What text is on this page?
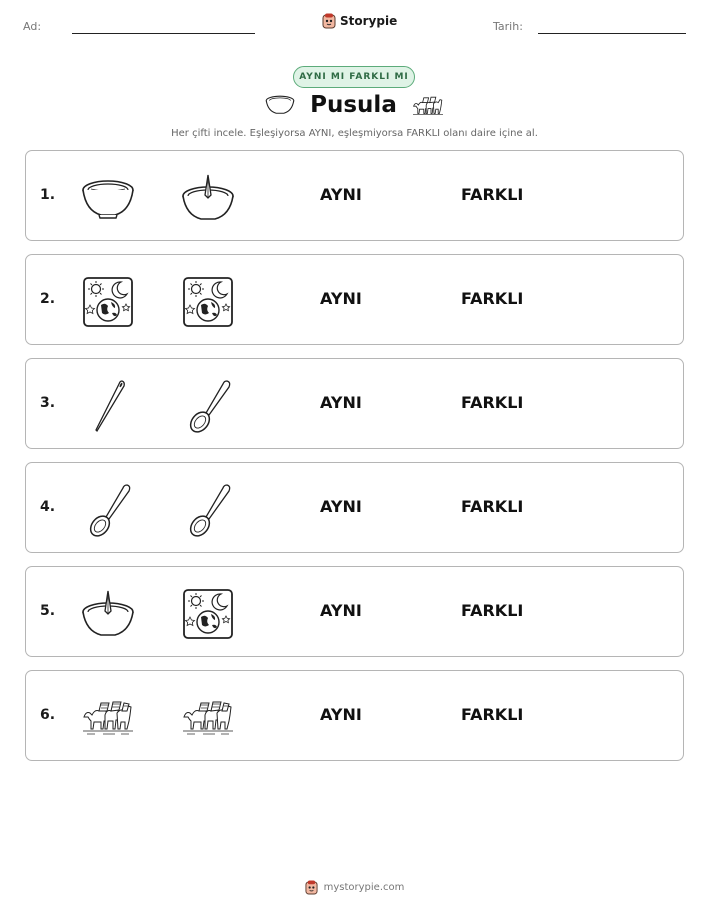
Ad:	Storypie	Tarih:
AYNI MI FARKLI MI
Pusula
Her çifti incele. Eşleşiyorsa AYNI, eşleşmiyorsa FARKLI olanı daire içine al.
1.	AYNI	FARKLI
2.	AYNI	FARKLI
3.	AYNI	FARKLI
4.	AYNI	FARKLI
5.	AYNI	FARKLI
6.	AYNI	FARKLI
mystorypie.com
